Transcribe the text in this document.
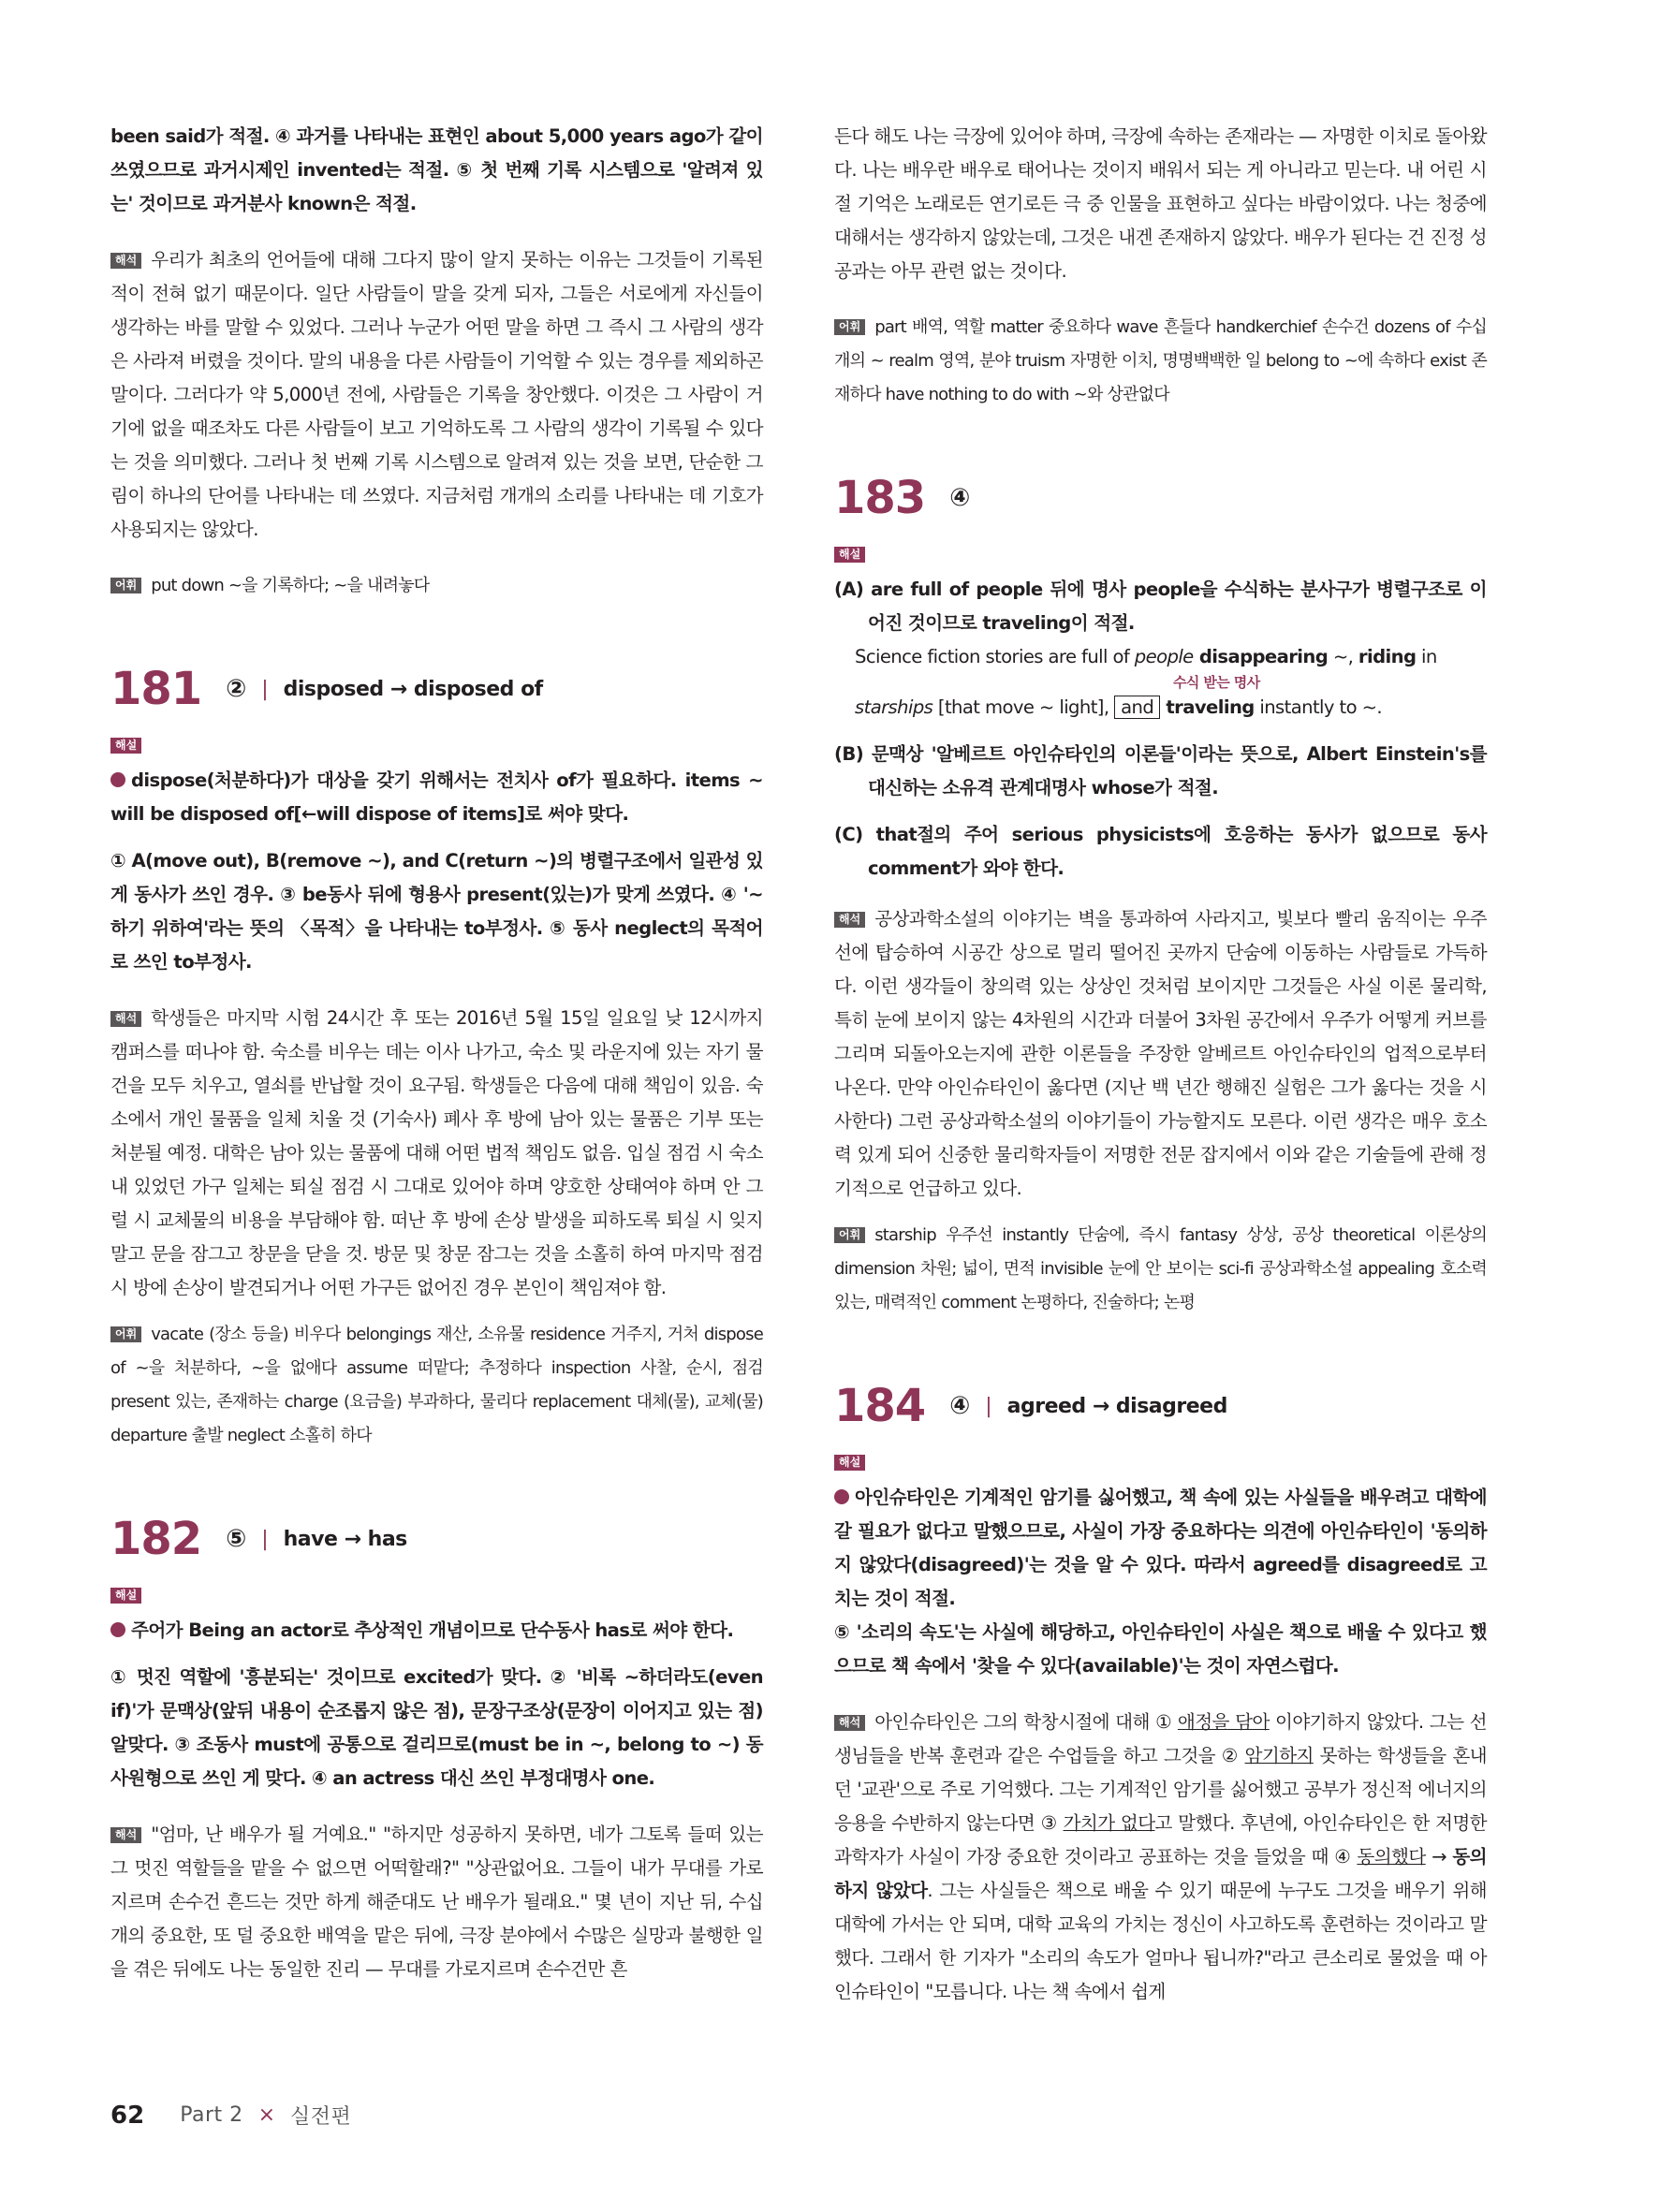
been said가 적절. ④ 과거를 나타내는 표현인 about 5,000 years ago가 같이 쓰였으므로 과거시제인 invented는 적절. ⑤ 첫 번째 기록 시스템으로 '알려져 있는' 것이므로 과거분사 known은 적절.

해석 우리가 최초의 언어들에 대해 그다지 많이 알지 못하는 이유는 그것들이 기록된 적이 전혀 없기 때문이다. 일단 사람들이 말을 갖게 되자, 그들은 서로에게 자신들이 생각하는 바를 말할 수 있었다. 그러나 누군가 어떤 말을 하면 그 즉시 그 사람의 생각은 사라져 버렸을 것이다. 말의 내용을 다른 사람들이 기억할 수 있는 경우를 제외하곤 말이다. 그러다가 약 5,000년 전에, 사람들은 기록을 창안했다. 이것은 그 사람이 거기에 없을 때조차도 다른 사람들이 보고 기억하도록 그 사람의 생각이 기록될 수 있다는 것을 의미했다. 그러나 첫 번째 기록 시스템으로 알려져 있는 것을 보면, 단순한 그림이 하나의 단어를 나타내는 데 쓰였다. 지금처럼 개개의 소리를 나타내는 데 기호가 사용되지는 않았다.

어휘 put down ~을 기록하다; ~을 내려놓다

181 ② | disposed → disposed of

해설

dispose(처분하다)가 대상을 갖기 위해서는 전치사 of가 필요하다. items ~ will be disposed of[←will dispose of items]로 써야 맞다.

① A(move out), B(remove ~), and C(return ~)의 병렬구조에서 일관성 있게 동사가 쓰인 경우. ③ be동사 뒤에 형용사 present(있는)가 맞게 쓰였다. ④ '~하기 위하여'라는 뜻의 〈목적〉을 나타내는 to부정사. ⑤ 동사 neglect의 목적어로 쓰인 to부정사.

해석 학생들은 마지막 시험 24시간 후 또는 2016년 5월 15일 일요일 낮 12시까지 캠퍼스를 떠나야 함. 숙소를 비우는 데는 이사 나가고, 숙소 및 라운지에 있는 자기 물건을 모두 치우고, 열쇠를 반납할 것이 요구됨. 학생들은 다음에 대해 책임이 있음. 숙소에서 개인 물품을 일체 치울 것 (기숙사) 폐사 후 방에 남아 있는 물품은 기부 또는 처분될 예정. 대학은 남아 있는 물품에 대해 어떤 법적 책임도 없음. 입실 점검 시 숙소 내 있었던 가구 일체는 퇴실 점검 시 그대로 있어야 하며 양호한 상태여야 하며 안 그럴 시 교체물의 비용을 부담해야 함. 떠난 후 방에 손상 발생을 피하도록 퇴실 시 잊지 말고 문을 잠그고 창문을 닫을 것. 방문 및 창문 잠그는 것을 소홀히 하여 마지막 점검 시 방에 손상이 발견되거나 어떤 가구든 없어진 경우 본인이 책임져야 함.

어휘 vacate (장소 등을) 비우다 belongings 재산, 소유물 residence 거주지, 거처 dispose of ~을 처분하다, ~을 없애다 assume 떠맡다; 추정하다 inspection 사찰, 순시, 점검 present 있는, 존재하는 charge (요금을) 부과하다, 물리다 replacement 대체(물), 교체(물) departure 출발 neglect 소홀히 하다

182 ⑤ | have → has

해설

주어가 Being an actor로 추상적인 개념이므로 단수동사 has로 써야 한다.

① 멋진 역할에 '흥분되는' 것이므로 excited가 맞다. ② '비록 ~하더라도(even if)'가 문맥상(앞뒤 내용이 순조롭지 않은 점), 문장구조상(문장이 이어지고 있는 점) 알맞다. ③ 조동사 must에 공통으로 걸리므로(must be in ~, belong to ~) 동사원형으로 쓰인 게 맞다. ④ an actress 대신 쓰인 부정대명사 one.

해석 "엄마, 난 배우가 될 거예요." "하지만 성공하지 못하면, 네가 그토록 들떠 있는 그 멋진 역할들을 맡을 수 없으면 어떡할래?" "상관없어요. 그들이 내가 무대를 가로지르며 손수건 흔드는 것만 하게 해준대도 난 배우가 될래요." 몇 년이 지난 뒤, 수십 개의 중요한, 또 덜 중요한 배역을 맡은 뒤에, 극장 분야에서 수많은 실망과 불행한 일을 겪은 뒤에도 나는 동일한 진리 — 무대를 가로지르며 손수건만 흔

든다 해도 나는 극장에 있어야 하며, 극장에 속하는 존재라는 — 자명한 이치로 돌아왔다. 나는 배우란 배우로 태어나는 것이지 배워서 되는 게 아니라고 믿는다. 내 어린 시절 기억은 노래로든 연기로든 극 중 인물을 표현하고 싶다는 바람이었다. 나는 청중에 대해서는 생각하지 않았는데, 그것은 내겐 존재하지 않았다. 배우가 된다는 건 진정 성공과는 아무 관련 없는 것이다.

어휘 part 배역, 역할 matter 중요하다 wave 흔들다 handkerchief 손수건 dozens of 수십 개의 ~ realm 영역, 분야 truism 자명한 이치, 명명백백한 일 belong to ~에 속하다 exist 존재하다 have nothing to do with ~와 상관없다

183 ④

해설

(A) are full of people 뒤에 명사 people을 수식하는 분사구가 병렬구조로 이어진 것이므로 traveling이 적절.

Science fiction stories are full of people disappearing ~, riding in

수식 받는 명사

starships [that move ~ light], and traveling instantly to ~.

(B) 문맥상 '알베르트 아인슈타인의 이론들'이라는 뜻으로, Albert Einstein's를 대신하는 소유격 관계대명사 whose가 적절.

(C) that절의 주어 serious physicists에 호응하는 동사가 없으므로 동사 comment가 와야 한다.

해석 공상과학소설의 이야기는 벽을 통과하여 사라지고, 빛보다 빨리 움직이는 우주선에 탑승하여 시공간 상으로 멀리 떨어진 곳까지 단숨에 이동하는 사람들로 가득하다. 이런 생각들이 창의력 있는 상상인 것처럼 보이지만 그것들은 사실 이론 물리학, 특히 눈에 보이지 않는 4차원의 시간과 더불어 3차원 공간에서 우주가 어떻게 커브를 그리며 되돌아오는지에 관한 이론들을 주장한 알베르트 아인슈타인의 업적으로부터 나온다. 만약 아인슈타인이 옳다면 (지난 백 년간 행해진 실험은 그가 옳다는 것을 시사한다) 그런 공상과학소설의 이야기들이 가능할지도 모른다. 이런 생각은 매우 호소력 있게 되어 신중한 물리학자들이 저명한 전문 잡지에서 이와 같은 기술들에 관해 정기적으로 언급하고 있다.

어휘 starship 우주선 instantly 단숨에, 즉시 fantasy 상상, 공상 theoretical 이론상의 dimension 차원; 넓이, 면적 invisible 눈에 안 보이는 sci-fi 공상과학소설 appealing 호소력 있는, 매력적인 comment 논평하다, 진술하다; 논평

184 ④ | agreed → disagreed

해설

아인슈타인은 기계적인 암기를 싫어했고, 책 속에 있는 사실들을 배우려고 대학에 갈 필요가 없다고 말했으므로, 사실이 가장 중요하다는 의견에 아인슈타인이 '동의하지 않았다(disagreed)'는 것을 알 수 있다. 따라서 agreed를 disagreed로 고치는 것이 적절.

⑤ '소리의 속도'는 사실에 해당하고, 아인슈타인이 사실은 책으로 배울 수 있다고 했으므로 책 속에서 '찾을 수 있다(available)'는 것이 자연스럽다.

해석 아인슈타인은 그의 학창시절에 대해 ① 애정을 담아 이야기하지 않았다. 그는 선생님들을 반복 훈련과 같은 수업들을 하고 그것을 ② 암기하지 못하는 학생들을 혼내던 '교관'으로 주로 기억했다. 그는 기계적인 암기를 싫어했고 공부가 정신적 에너지의 응용을 수반하지 않는다면 ③ 가치가 없다고 말했다. 후년에, 아인슈타인은 한 저명한 과학자가 사실이 가장 중요한 것이라고 공표하는 것을 들었을 때 ④ 동의했다 → 동의하지 않았다. 그는 사실들은 책으로 배울 수 있기 때문에 누구도 그것을 배우기 위해 대학에 가서는 안 되며, 대학 교육의 가치는 정신이 사고하도록 훈련하는 것이라고 말했다. 그래서 한 기자가 "소리의 속도가 얼마나 됩니까?"라고 큰소리로 물었을 때 아인슈타인이 "모릅니다. 나는 책 속에서 쉽게

62 Part 2 × 실전편
